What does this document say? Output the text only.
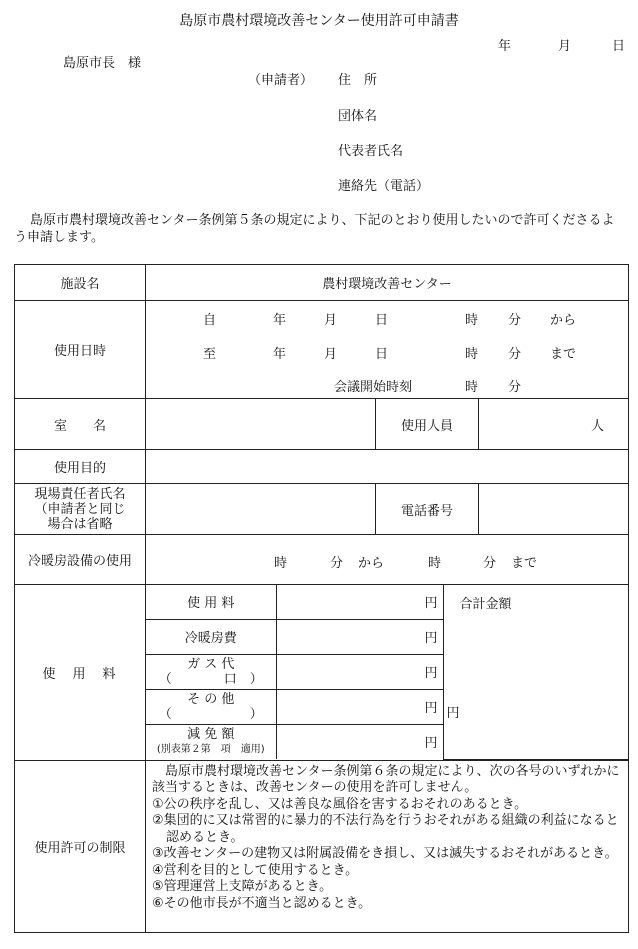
島原市農村環境改善センター使用許可申請書
年	月	日
島原市長　様
（申請者） 住　所
団体名
代表者氏名
連絡先（電話）
島原市農村環境改善センター条例第５条の規定により、下記のとおり使用したいので許可くださるよう申請します。
施設名	農村環境改善センター
使用日時	
自	年	月	日	時 分 から
至	年	月	日	時 分 まで
会議開始時刻	時 分

室　　名		使用人員	人
使用目的	

現場責任者氏名
（申請者と同じ
場合は省略
		電話番号	
冷暖房設備の使用	時	分 から	時	分 まで

使　用　料	
使 用 料	円	合計金額
円

冷暖房費	円

ガ ス 代
（　　　　口　）	円

そ の 他
（　　　　　　）	円

減 免 額
(別表第２第　項　適用)	円

使用許可の制限	

島原市農村環境改善センター条例第６条の規定により、次の各号のいずれかに該当するときは、改善センターの使用を許可しません。

①公の秩序を乱し、又は善良な風俗を害するおそれのあるとき。

②集団的に又は常習的に暴力的不法行為を行うおそれがある組織の利益になると認めるとき。

③改善センターの建物又は附属設備をき損し、又は滅失するおそれがあるとき。

④営利を目的として使用するとき。

⑤管理運営上支障があるとき。

⑥その他市長が不適当と認めるとき。
